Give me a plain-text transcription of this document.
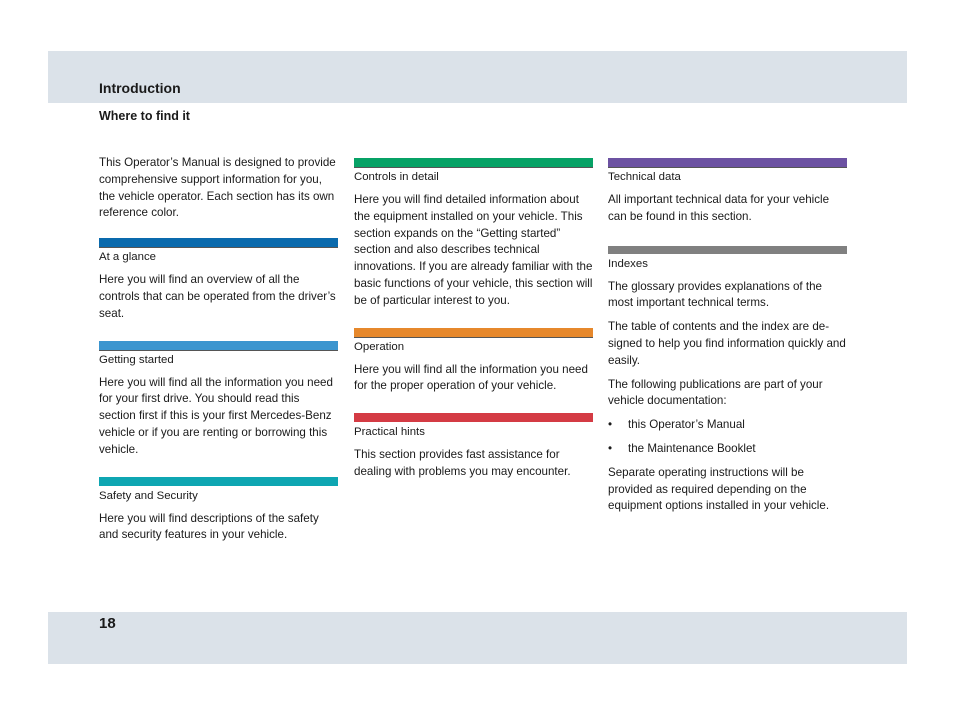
Introduction
Where to find it

This Operator’s Manual is designed to provide comprehensive support information for you, the vehicle operator. Each section has its own reference color.

At a glance

Here you will find an overview of all the controls that can be operated from the driver’s seat.

Getting started

Here you will find all the information you need for your first drive. You should read this section first if this is your first Mercedes-Benz vehicle or if you are renting or borrowing this vehicle.

Safety and Security

Here you will find descriptions of the safety and security features in your vehicle.

Controls in detail

Here you will find detailed information about the equipment installed on your vehicle. This section expands on the “Getting started” section and also describes technical innovations. If you are already familiar with the basic functions of your vehicle, this section will be of particular interest to you.

Operation

Here you will find all the information you need for the proper operation of your vehicle.

Practical hints

This section provides fast assistance for dealing with problems you may encounter.

Technical data

All important technical data for your vehicle can be found in this section.

Indexes

The glossary provides explanations of the most important technical terms.

The table of contents and the index are designed to help you find information quickly and easily.

The following publications are part of your vehicle documentation:

• this Operator’s Manual
• the Maintenance Booklet

Separate operating instructions will be provided as required depending on the equipment options installed in your vehicle.

18
